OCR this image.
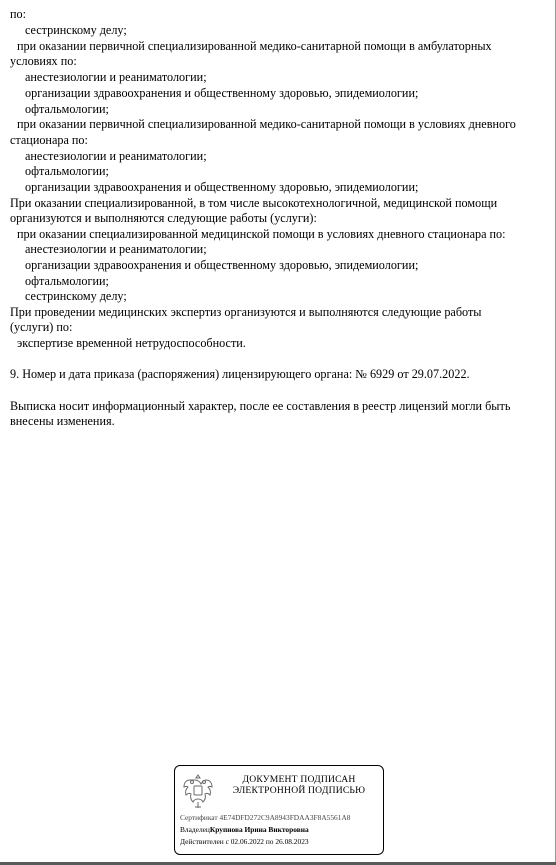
по:
сестринскому делу;
при оказании первичной специализированной медико-санитарной помощи в амбулаторных
условиях по:
анестезиологии и реаниматологии;
организации здравоохранения и общественному здоровью, эпидемиологии;
офтальмологии;
при оказании первичной специализированной медико-санитарной помощи в условиях дневного
стационара по:
анестезиологии и реаниматологии;
офтальмологии;
организации здравоохранения и общественному здоровью, эпидемиологии;
При оказании специализированной, в том числе высокотехнологичной, медицинской помощи
организуются и выполняются следующие работы (услуги):
при оказании специализированной медицинской помощи в условиях дневного стационара по:
анестезиологии и реаниматологии;
организации здравоохранения и общественному здоровью, эпидемиологии;
офтальмологии;
сестринскому делу;
При проведении медицинских экспертиз организуются и выполняются следующие работы
(услуги) по:
экспертизе временной нетрудоспособности.
9. Номер и дата приказа (распоряжения) лицензирующего органа: № 6929 от 29.07.2022.
Выписка носит информационный характер, после ее составления в реестр лицензий могли быть
внесены изменения.
ДОКУМЕНТ ПОДПИСАН
ЭЛЕКТРОННОЙ ПОДПИСЬЮ
Сертификат 4E74DFD272C9A8943FDAA3F8A5561A8
ВладелецКрупнова Ирина Викторовна
Действителен с 02.06.2022 по 26.08.2023
